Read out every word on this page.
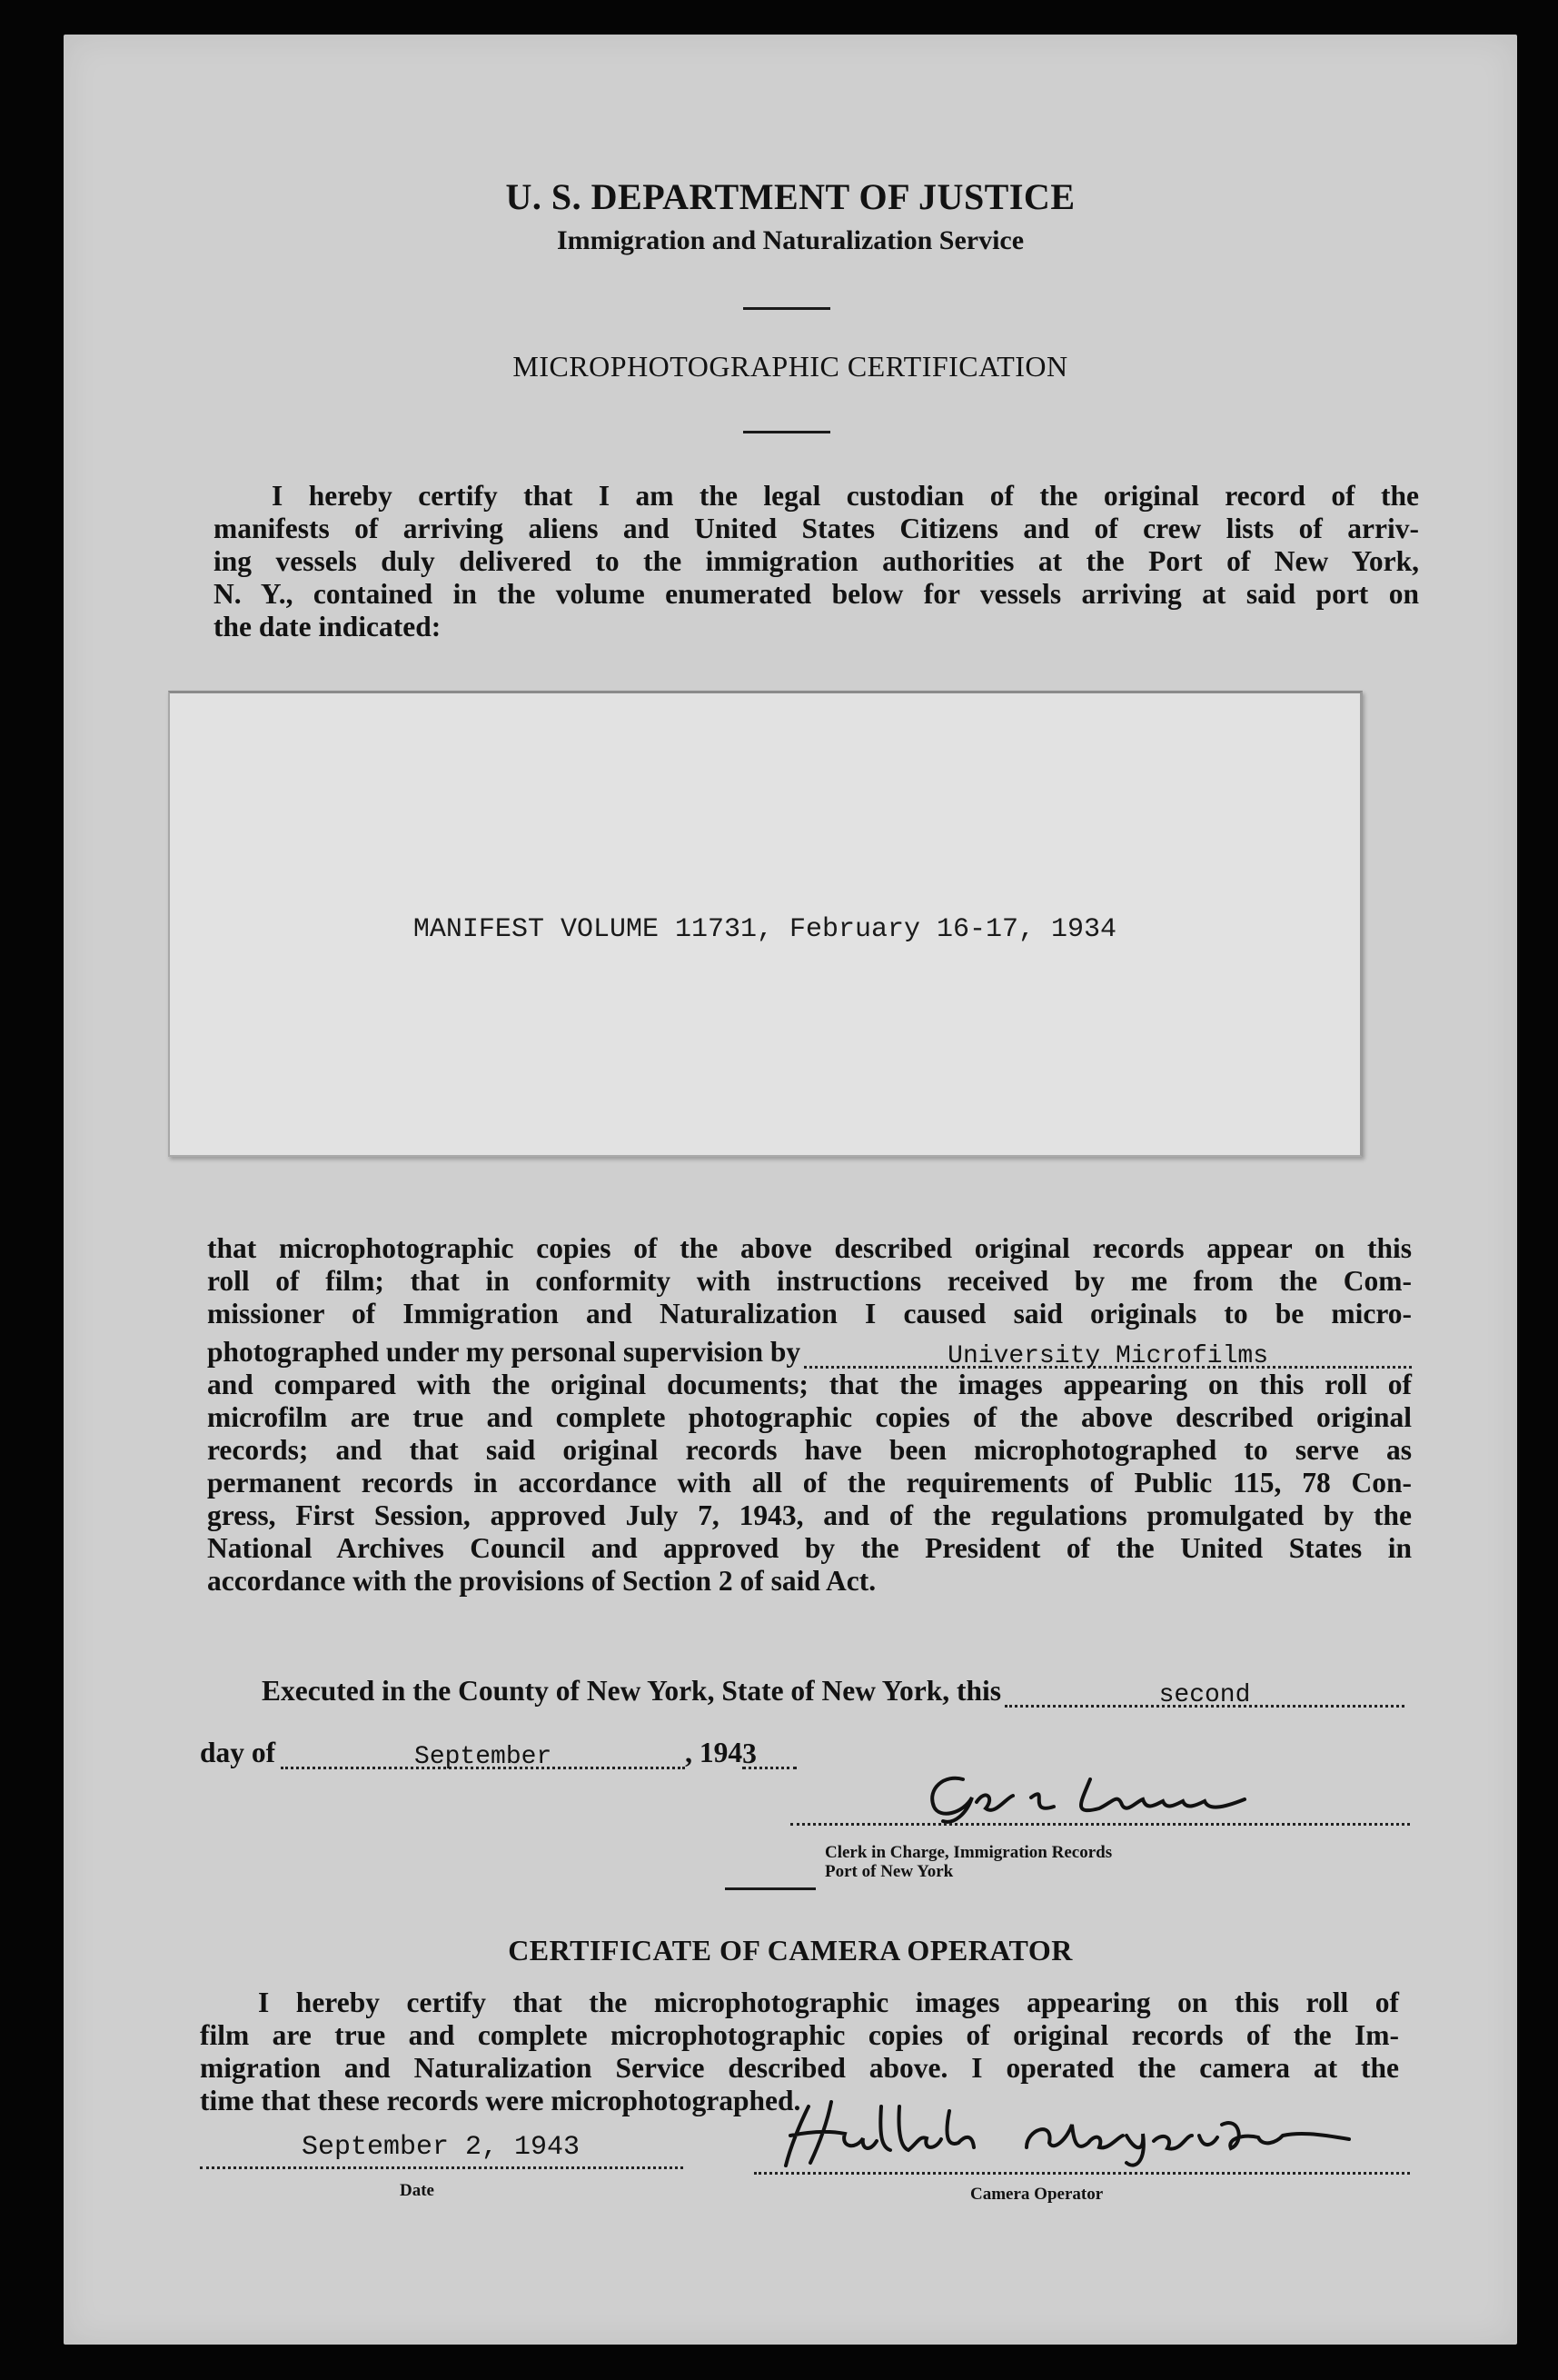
U. S. DEPARTMENT OF JUSTICE
Immigration and Naturalization Service
MICROPHOTOGRAPHIC CERTIFICATION
I hereby certify that I am the legal custodian of the original record of the
manifests of arriving aliens and United States Citizens and of crew lists of arriv-
ing vessels duly delivered to the immigration authorities at the Port of New York,
N. Y., contained in the volume enumerated below for vessels arriving at said port on
the date indicated:
MANIFEST VOLUME 11731, February 16-17, 1934
that microphotographic copies of the above described original records appear on this
roll of film; that in conformity with instructions received by me from the Com-
missioner of Immigration and Naturalization I caused said originals to be micro-
photographed under my personal supervision by	University Microfilms
and compared with the original documents; that the images appearing on this roll of
microfilm are true and complete photographic copies of the above described original
records; and that said original records have been microphotographed to serve as
permanent records in accordance with all of the requirements of Public 115, 78 Con-
gress, First Session, approved July 7, 1943, and of the regulations promulgated by the
National Archives Council and approved by the President of the United States in
accordance with the provisions of Section 2 of said Act.
Executed in the County of New York, State of New York, this	second
day of	September	, 194 3
Clerk in Charge, Immigration Records
Port of New York
CERTIFICATE OF CAMERA OPERATOR
I hereby certify that the microphotographic images appearing on this roll of
film are true and complete microphotographic copies of original records of the Im-
migration and Naturalization Service described above. I operated the camera at the
time that these records were microphotographed.
September 2, 1943
Date	Camera Operator
